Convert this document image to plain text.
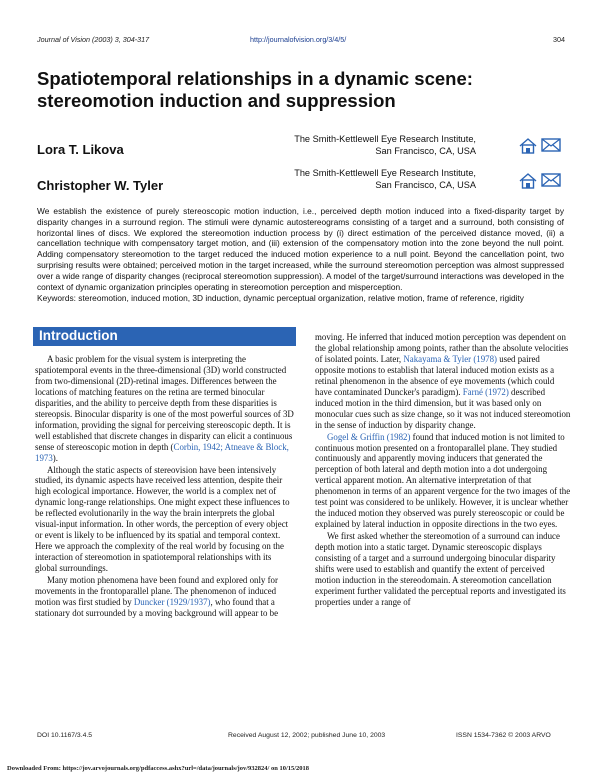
Journal of Vision (2003) 3, 304-317	http://journalofvision.org/3/4/5/	304
Spatiotemporal relationships in a dynamic scene:
stereomotion induction and suppression
Lora T. Likova
The Smith-Kettlewell Eye Research Institute,
San Francisco, CA, USA
Christopher W. Tyler
The Smith-Kettlewell Eye Research Institute,
San Francisco, CA, USA
We establish the existence of purely stereoscopic motion induction, i.e., perceived depth motion induced into a fixed-disparity target by disparity changes in a surround region. The stimuli were dynamic autostereograms consisting of a target and a surround, both consisting of horizontal lines of discs. We explored the stereomotion induction process by (i) direct estimation of the perceived distance moved, (ii) a cancellation technique with compensatory target motion, and (iii) extension of the compensatory motion into the zone beyond the null point. Adding compensatory stereomotion to the target reduced the induced motion experience to a null point. Beyond the cancellation point, two surprising results were obtained; perceived motion in the target increased, while the surround stereomotion perception was almost suppressed over a wide range of disparity changes (reciprocal stereomotion suppression). A model of the target/surround interactions was developed in the context of dynamic organization principles operating in stereomotion perception and misperception.
Keywords: stereomotion, induced motion, 3D induction, dynamic perceptual organization, relative motion, frame of reference, rigidity
Introduction

A basic problem for the visual system is interpreting the spatiotemporal events in the three-dimensional (3D) world constructed from two-dimensional (2D)-retinal images. Differences between the locations of matching features on the retina are termed binocular disparities, and the ability to perceive depth from these disparities is stereopsis. Binocular disparity is one of the most powerful sources of 3D information, providing the signal for perceiving stereoscopic depth. It is well established that discrete changes in disparity can elicit a continuous sense of stereoscopic motion in depth (Corbin, 1942; Atneave & Block, 1973).

Although the static aspects of stereovision have been intensively studied, its dynamic aspects have received less attention, despite their high ecological importance. However, the world is a complex net of dynamic long-range relationships. One might expect these influences to be reflected evolutionarily in the way the brain interprets the global visual-input information. In other words, the perception of every object or event is likely to be influenced by its spatial and temporal context. Here we approach the complexity of the real world by focusing on the interaction of stereomotion in spatiotemporal relationships with its global surroundings.

Many motion phenomena have been found and explored only for movements in the frontoparallel plane. The phenomenon of induced motion was first studied by Duncker (1929/1937), who found that a stationary dot surrounded by a moving background will appear to be

moving. He inferred that induced motion perception was dependent on the global relationship among points, rather than the absolute velocities of isolated points. Later, Nakayama & Tyler (1978) used paired opposite motions to establish that lateral induced motion exists as a retinal phenomenon in the absence of eye movements (which could have contaminated Duncker's paradigm). Farné (1972) described induced motion in the third dimension, but it was based only on monocular cues such as size change, so it was not induced stereomotion in the sense of induction by disparity change.

Gogel & Griffin (1982) found that induced motion is not limited to continuous motion presented on a frontoparallel plane. They studied continuously and apparently moving inducers that generated the perception of both lateral and depth motion into a dot undergoing vertical apparent motion. An alternative interpretation of that phenomenon in terms of an apparent vergence for the two images of the test point was considered to be unlikely. However, it is unclear whether the induced motion they observed was purely stereoscopic or could be explained by lateral induction in opposite directions in the two eyes.

We first asked whether the stereomotion of a surround can induce depth motion into a static target. Dynamic stereoscopic displays consisting of a target and a surround undergoing binocular disparity shifts were used to establish and quantify the extent of perceived motion induction in the stereodomain. A stereomotion cancellation experiment further validated the perceptual reports and investigated its properties under a range of

DOI 10.1167/3.4.5	Received August 12, 2002; published June 10, 2003	ISSN 1534-7362 © 2003 ARVO
Downloaded From: https://jov.arvojournals.org/pdfaccess.ashx?url=/data/journals/jov/932824/ on 10/15/2018
